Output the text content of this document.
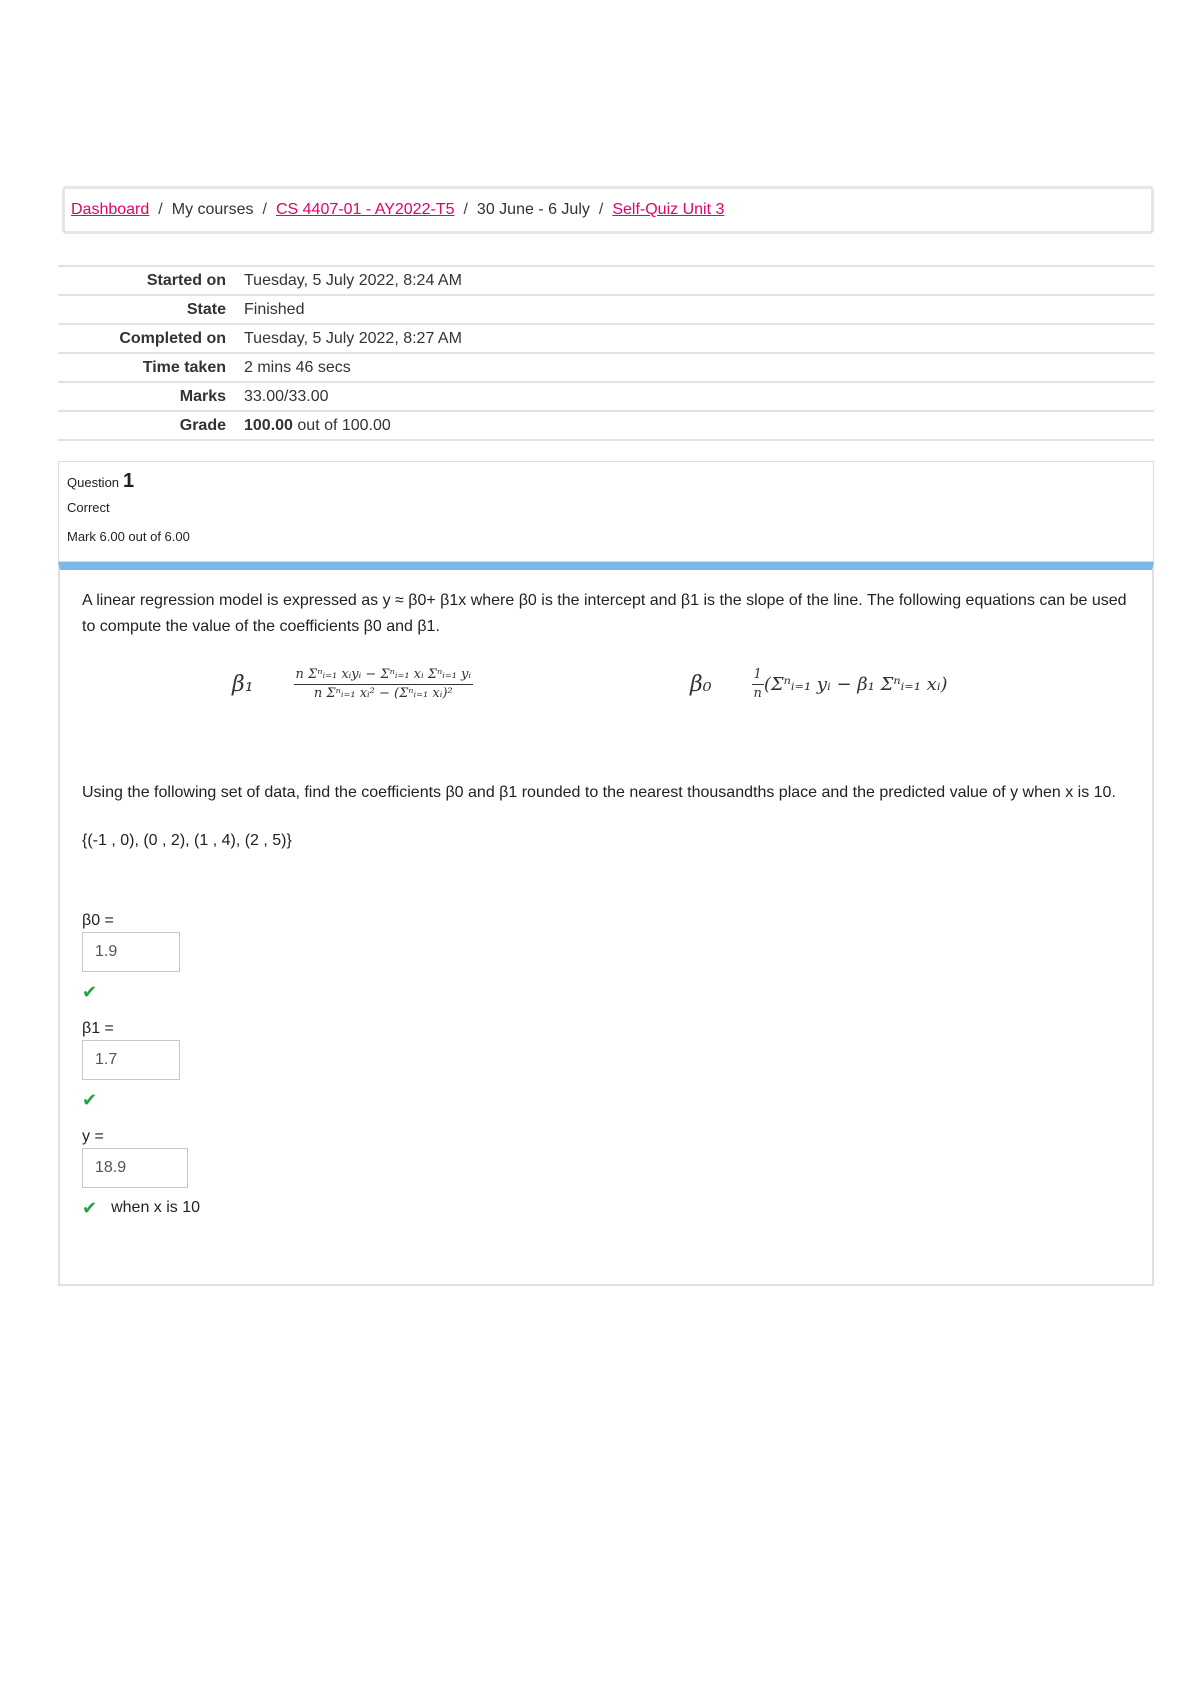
Dashboard / My courses / CS 4407-01 - AY2022-T5 / 30 June - 6 July / Self-Quiz Unit 3
Started on	Tuesday, 5 July 2022, 8:24 AM
State	Finished
Completed on	Tuesday, 5 July 2022, 8:27 AM
Time taken	2 mins 46 secs
Marks	33.00/33.00
Grade	100.00 out of 100.00
Question 1
Correct
Mark 6.00 out of 6.00

A linear regression model is expressed as y ≈ β0+ β1x where β0 is the intercept and β1 is the slope of the line. The following equations can be used to compute the value of the coefficients β0 and β1.

β₁	$\frac{\text{n Σⁿᵢ₌₁ xᵢyᵢ − Σⁿᵢ₌₁ xᵢ Σⁿᵢ₌₁ yᵢ}}{\text{n Σⁿᵢ₌₁ xᵢ² − (Σⁿᵢ₌₁ xᵢ)²}}$	β₀	$\frac{1}{n}$ (Σⁿᵢ₌₁ yᵢ − β₁ Σⁿᵢ₌₁ xᵢ)

Using the following set of data, find the coefficients β0 and β1 rounded to the nearest thousandths place and the predicted value of y when x is 10.

{(-1 , 0), (0 , 2), (1 , 4), (2 , 5)}

β0 =
1.9
✔
β1 =
1.7
✔
y =
18.9
✔ when x is 10
